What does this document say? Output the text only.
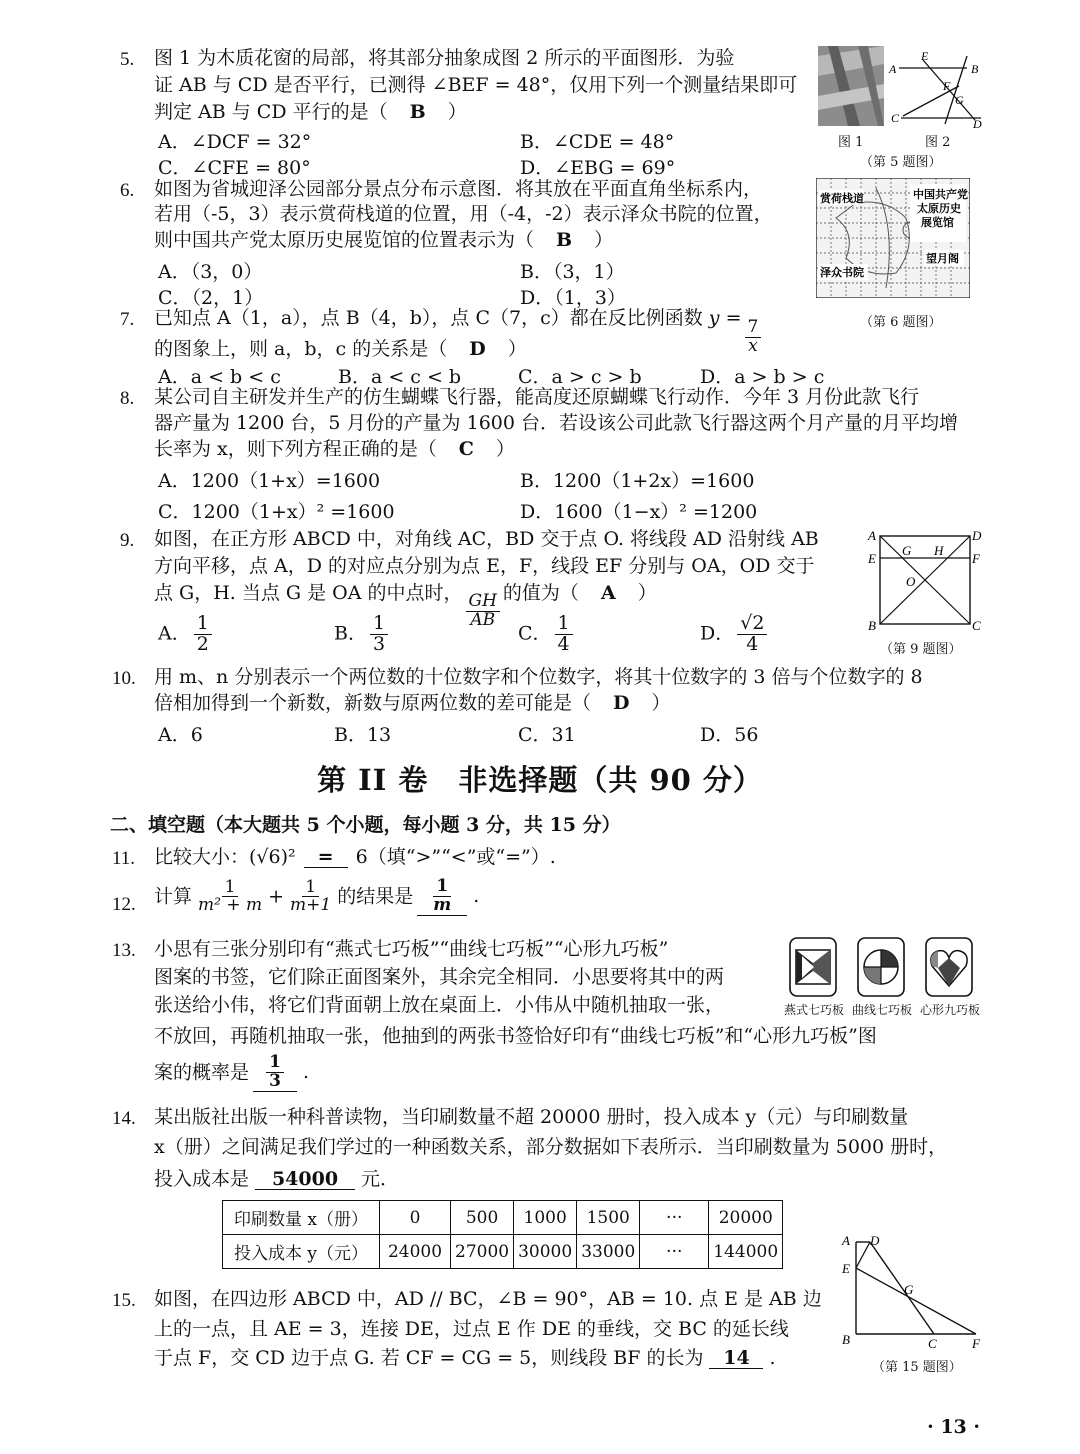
5. 图 1 为木质花窗的局部，将其部分抽象成图 2 所示的平面图形．为验
证 AB 与 CD 是否平行，已测得 ∠BEF = 48°，仅用下列一个测量结果即可
判定 AB 与 CD 平行的是（ B ）
A．∠DCF = 32°	B．∠CDE = 48°
C．∠CFE = 80°	D．∠EBG = 69°
图 1
A
E
B
F
G
C	D
图 2
（第 5 题图）
6. 如图为省城迎泽公园部分景点分布示意图．将其放在平面直角坐标系内，
若用（-5，3）表示赏荷栈道的位置，用（-4，-2）表示泽众书院的位置，
则中国共产党太原历史展览馆的位置表示为（ B ）
A．（3，0）	B．（3，1）
C．（2，1）	D．（1，3）
赏荷栈道	中国共产党
太原历史
展览馆
泽众书院
望月阁
（第 6 题图）
7. 已知点 A（1，a），点 B（4，b），点 C（7，c）都在反比例函数 y =
$\frac{7}{x}$
的图象上，则 a，b，c 的关系是（ D ）
A．a < b < c	B．a < c < b	C．a > c > b	D．a > b > c
8. 某公司自主研发并生产的仿生蝴蝶飞行器，能高度还原蝴蝶飞行动作．今年 3 月份此款飞行
器产量为 1200 台，5 月份的产量为 1600 台．若设该公司此款飞行器这两个月产量的月平均增
长率为 x，则下列方程正确的是（ C ）
A．1200（1+x）=1600	B．1200（1+2x）=1600
C．1200（1+x）² =1600	D．1600（1−x）² =1200
9. 如图，在正方形 ABCD 中，对角线 AC，BD 交于点 O. 将线段 AD 沿射线 AB
方向平移，点 A，D 的对应点分别为点 E，F，线段 EF 分别与 OA，OD 交于
点 G，H. 当点 G 是 OA 的中点时， $\frac{GH}{AB}$ 的值为（ A ）
A． $\frac{1}{2}$	B． $\frac{1}{3}$	C． $\frac{1}{4}$	D． $\frac{√2}{4}$
A	D
E
G H
F
O
B	C
（第 9 题图）
10. 用 m、n 分别表示一个两位数的十位数字和个位数字，将其十位数字的 3 倍与个位数字的 8
倍相加得到一个新数，新数与原两位数的差可能是（ D ）
A．6	B．13	C．31	D．56
第 II 卷　非选择题（共 90 分）
二、填空题（本大题共 5 个小题，每小题 3 分，共 15 分）
11. 比较大小：(√6)² = 6（填“>”“<”或“=”）.
12. 计算 $\frac{1}{\text{m² + m}} + \frac{1}{m+1}$ 的结果是 $\frac{1}{m}$ .
13. 小思有三张分别印有“燕式七巧板”“曲线七巧板”“心形九巧板”
图案的书签，它们除正面图案外，其余完全相同．小思要将其中的两
张送给小伟，将它们背面朝上放在桌面上．小伟从中随机抽取一张，
不放回，再随机抽取一张，他抽到的两张书签恰好印有“曲线七巧板”和“心形九巧板”图
案的概率是 $\frac{1}{3}$ .
燕式七巧板 曲线七巧板 心形九巧板
14. 某出版社出版一种科普读物，当印刷数量不超 20000 册时，投入成本 y（元）与印刷数量
x（册）之间满足我们学过的一种函数关系，部分数据如下表所示．当印刷数量为 5000 册时，
投入成本是 54000 元．
印刷数量 x（册）	0	500	1000	1500	···	20000
投入成本 y（元）	24000	27000	30000	33000	···	144000
15. 如图，在四边形 ABCD 中，AD // BC，∠B = 90°，AB = 10. 点 E 是 AB 边
上的一点，且 AE = 3，连接 DE，过点 E 作 DE 的垂线，交 BC 的延长线
于点 F，交 CD 边于点 G. 若 CF = CG = 5，则线段 BF 的长为 14 .
A D
E
G
B	C	F
（第 15 题图）
· 13 ·
